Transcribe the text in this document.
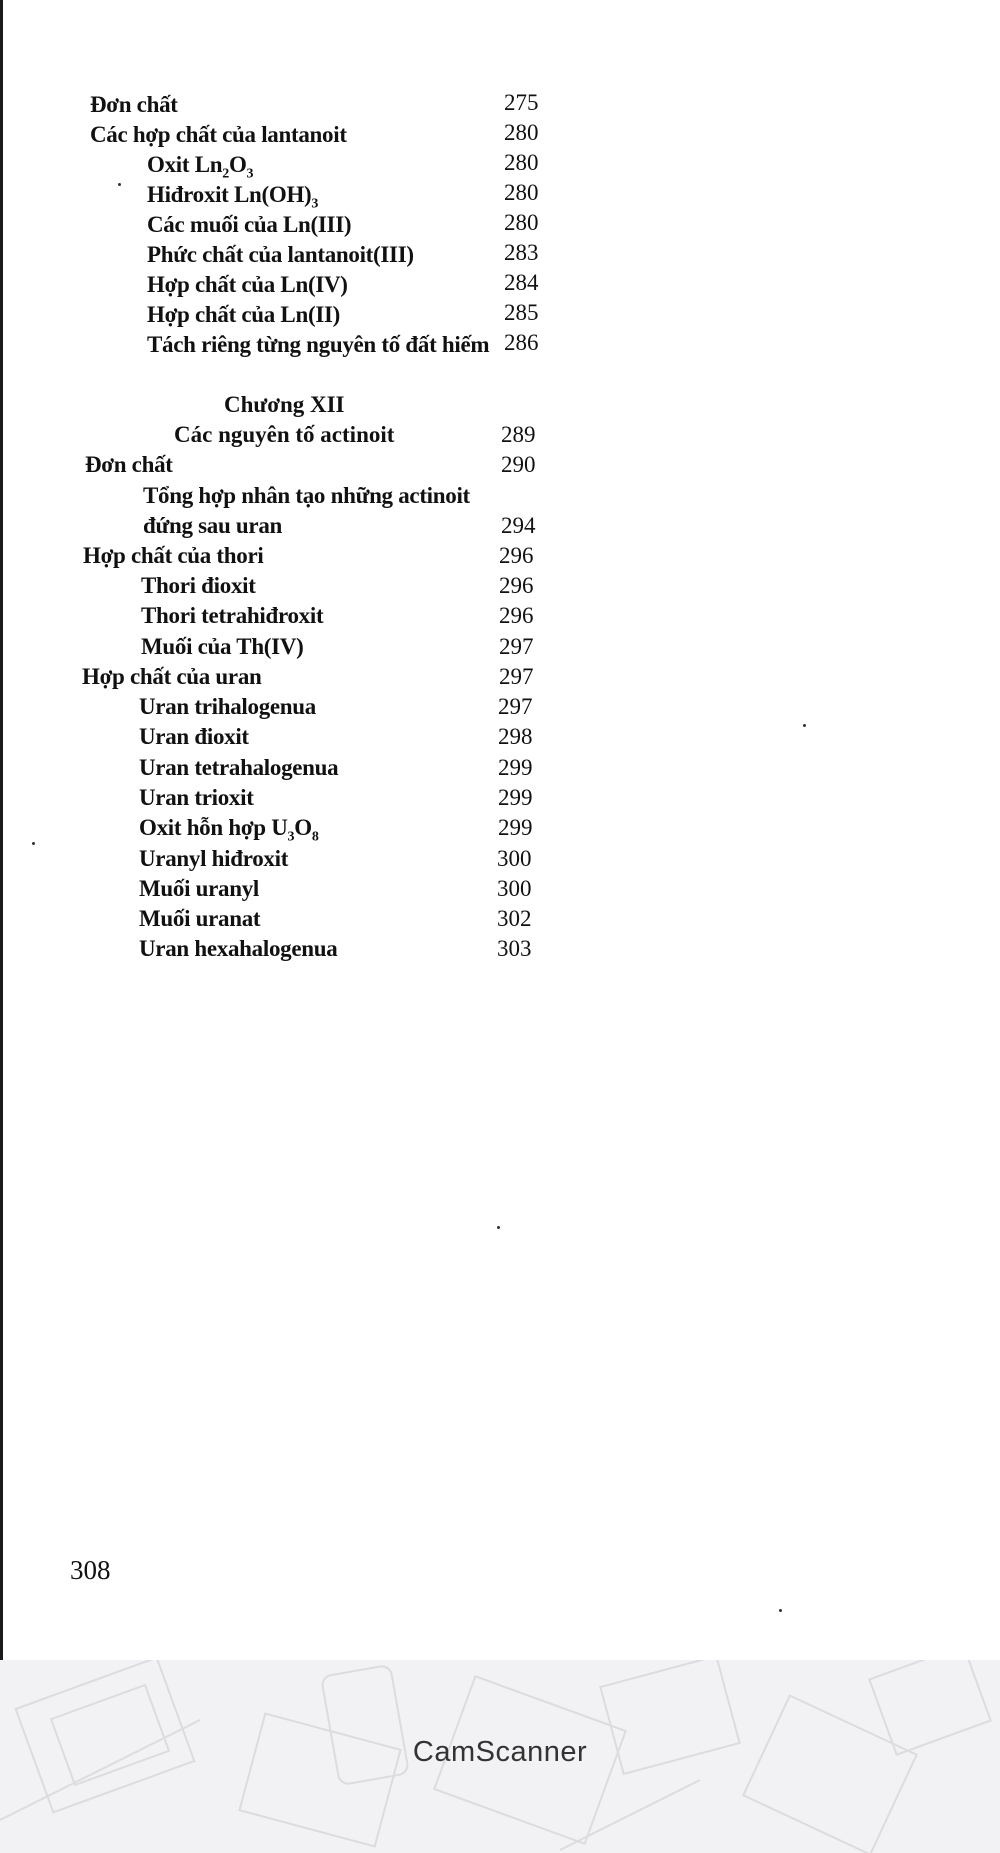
Đơn chất	275
Các hợp chất của lantanoit	280
Oxit $Ln_2O_3$	280
Hiđroxit $Ln(OH)_3$	280
Các muối của Ln(III)	280
Phức chất của lantanoit(III)	283
Hợp chất của Ln(IV)	284
Hợp chất của Ln(II)	285
Tách riêng từng nguyên tố đất hiếm 286
Chương XII
Các nguyên tố actinoit	289
Đơn chất	290
Tổng hợp nhân tạo những actinoit
đứng sau uran	294
Hợp chất của thori	296
Thori đioxit	296
Thori tetrahiđroxit	296
Muối của Th(IV)	297
Hợp chất của uran	297
Uran trihalogenua	297
Uran đioxit	298
Uran tetrahalogenua	299
Uran trioxit	299
Oxit hỗn hợp $U_3O_8$	299
Uranyl hiđroxit	300
Muối uranyl	300
Muối uranat	302
Uran hexahalogenua	303
308
CamScanner
